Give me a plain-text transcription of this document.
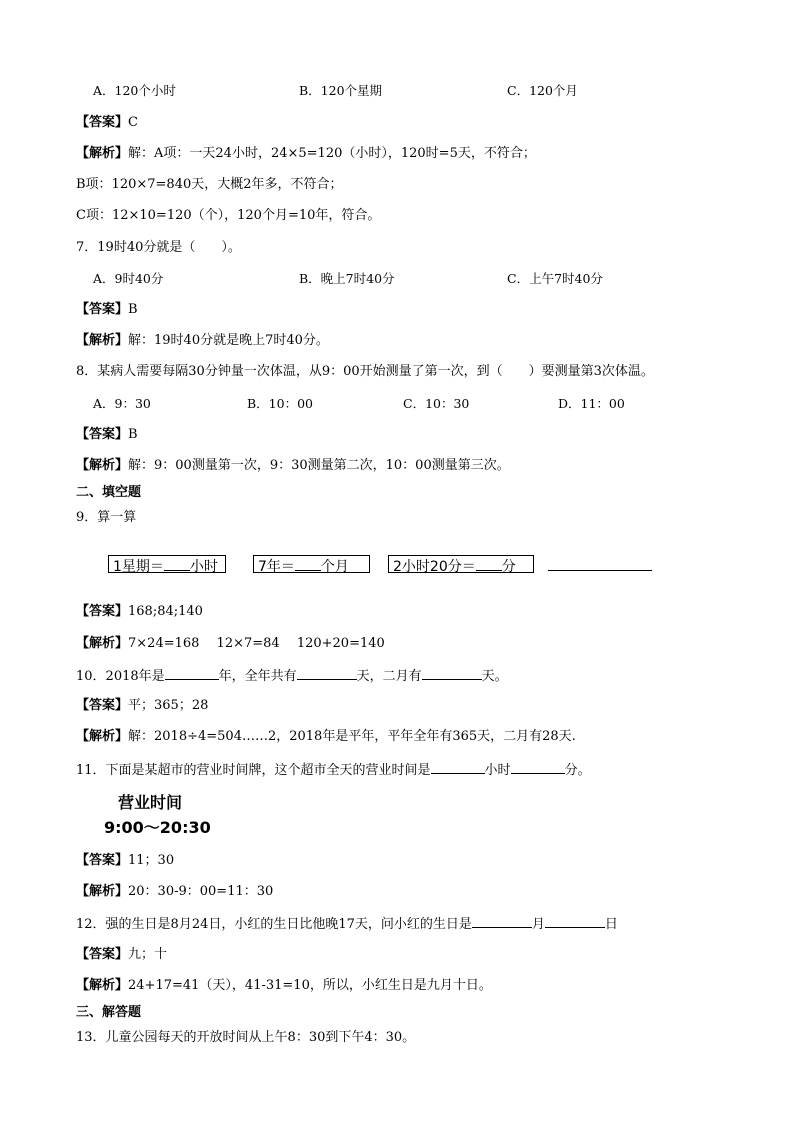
A．120个小时	B．120个星期	C．120个月
【答案】C
【解析】解：A项：一天24小时，24×5=120（小时），120时=5天，不符合；
B项：120×7=840天，大概2年多，不符合；
C项：12×10=120（个），120个月=10年，符合。
7．19时40分就是（　　）。
A．9时40分	B．晚上7时40分	C．上午7时40分
【答案】B
【解析】解：19时40分就是晚上7时40分。
8．某病人需要每隔30分钟量一次体温，从9：00开始测量了第一次，到（　　）要测量第3次体温。
A．9：30	B．10：00	C．10：30	D．11：00
【答案】B
【解析】解：9：00测量第一次，9：30测量第二次，10：00测量第三次。
二、填空题
9．算一算
1星期＝ 小时	7年＝ 个月	2小时20分＝ 分
【答案】168;84;140
【解析】7×24=168　 12×7=84　 120+20=140
10．2018年是	年，全年共有	天，二月有	天。
【答案】平；365；28
【解析】解：2018÷4=504……2，2018年是平年，平年全年有365天，二月有28天.
11．下面是某超市的营业时间牌，这个超市全天的营业时间是	小时	分。
营业时间
9:00～20:30
【答案】11；30
【解析】20：30-9：00=11：30
12．强的生日是8月24日，小红的生日比他晚17天，问小红的生日是	月	日
【答案】九；十
【解析】24+17=41（天），41-31=10，所以，小红生日是九月十日。
三、解答题
13．儿童公园每天的开放时间从上午8：30到下午4：30。
